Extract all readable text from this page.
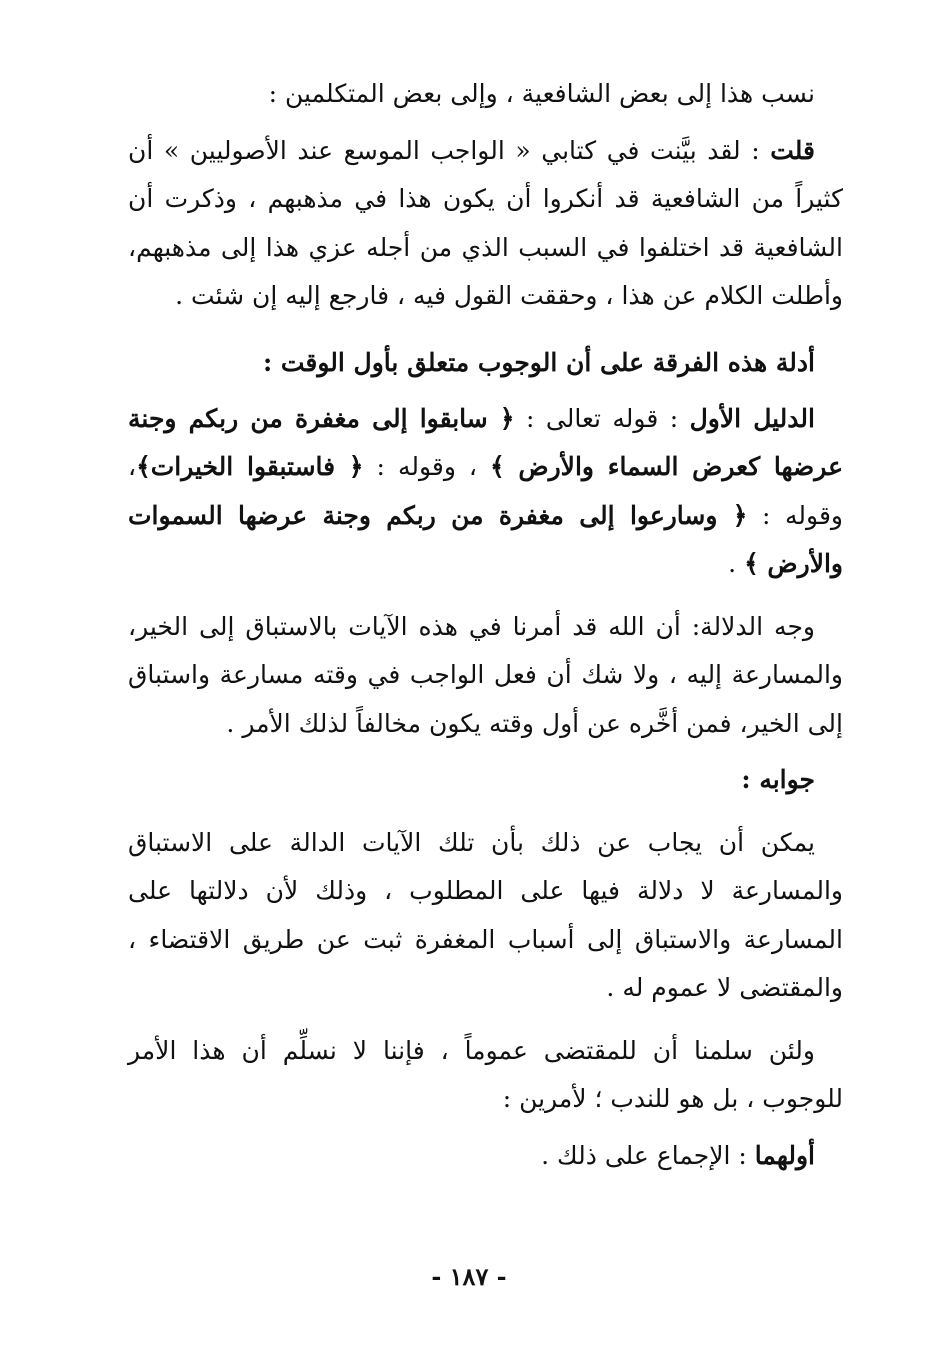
نسب هذا إلى بعض الشافعية ، وإلى بعض المتكلمين :

قلت : لقد بيَّنت في كتابي « الواجب الموسع عند الأصوليين » أن كثيراً من الشافعية قد أنكروا أن يكون هذا في مذهبهم ، وذكرت أن الشافعية قد اختلفوا في السبب الذي من أجله عزي هذا إلى مذهبهم، وأطلت الكلام عن هذا ، وحققت القول فيه ، فارجع إليه إن شئت .

أدلة هذه الفرقة على أن الوجوب متعلق بأول الوقت :

الدليل الأول : قوله تعالى : ﴿ سابقوا إلى مغفرة من ربكم وجنة عرضها كعرض السماء والأرض ﴾ ، وقوله : ﴿ فاستبقوا الخيرات﴾، وقوله : ﴿ وسارعوا إلى مغفرة من ربكم وجنة عرضها السموات والأرض ﴾ .

وجه الدلالة: أن الله قد أمرنا في هذه الآيات بالاستباق إلى الخير، والمسارعة إليه ، ولا شك أن فعل الواجب في وقته مسارعة واستباق إلى الخير، فمن أخَّره عن أول وقته يكون مخالفاً لذلك الأمر .

جوابه :

يمكن أن يجاب عن ذلك بأن تلك الآيات الدالة على الاستباق والمسارعة لا دلالة فيها على المطلوب ، وذلك لأن دلالتها على المسارعة والاستباق إلى أسباب المغفرة ثبت عن طريق الاقتضاء ، والمقتضى لا عموم له .

ولئن سلمنا أن للمقتضى عموماً ، فإننا لا نسلِّم أن هذا الأمر للوجوب ، بل هو للندب ؛ لأمرين :

أولهما : الإجماع على ذلك .

- ١٨٧ -
